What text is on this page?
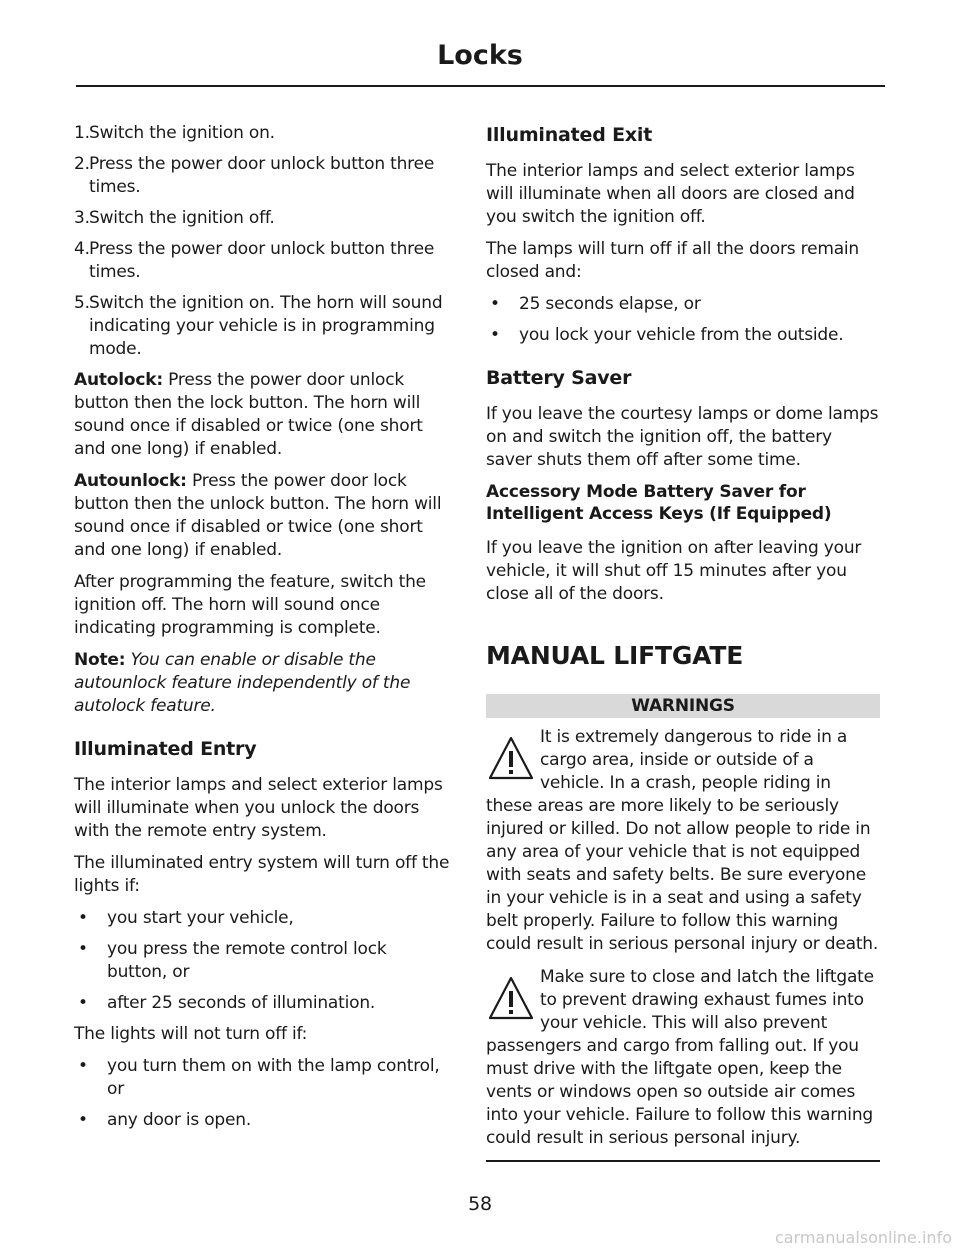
Locks
1. Switch the ignition on.
2. Press the power door unlock button three times.
3. Switch the ignition off.
4. Press the power door unlock button three times.
5. Switch the ignition on. The horn will sound indicating your vehicle is in programming mode.

Autolock: Press the power door unlock button then the lock button. The horn will sound once if disabled or twice (one short and one long) if enabled.

Autounlock: Press the power door lock button then the unlock button. The horn will sound once if disabled or twice (one short and one long) if enabled.

After programming the feature, switch the ignition off. The horn will sound once indicating programming is complete.

Note: You can enable or disable the autounlock feature independently of the autolock feature.

Illuminated Entry

The interior lamps and select exterior lamps will illuminate when you unlock the doors with the remote entry system.

The illuminated entry system will turn off the lights if:

•	you start your vehicle,
•	you press the remote control lock button, or
•	after 25 seconds of illumination.

The lights will not turn off if:

•	you turn them on with the lamp control, or
•	any door is open.
Illuminated Exit

The interior lamps and select exterior lamps will illuminate when all doors are closed and you switch the ignition off.

The lamps will turn off if all the doors remain closed and:

•	25 seconds elapse, or
•	you lock your vehicle from the outside.
Battery Saver

If you leave the courtesy lamps or dome lamps on and switch the ignition off, the battery saver shuts them off after some time.

Accessory Mode Battery Saver for Intelligent Access Keys (If Equipped)

If you leave the ignition on after leaving your vehicle, it will shut off 15 minutes after you close all of the doors.

MANUAL LIFTGATE
WARNINGS
It is extremely dangerous to ride in a cargo area, inside or outside of a vehicle. In a crash, people riding in these areas are more likely to be seriously injured or killed. Do not allow people to ride in any area of your vehicle that is not equipped with seats and safety belts. Be sure everyone in your vehicle is in a seat and using a safety belt properly. Failure to follow this warning could result in serious personal injury or death.
Make sure to close and latch the liftgate to prevent drawing exhaust fumes into your vehicle. This will also prevent passengers and cargo from falling out. If you must drive with the liftgate open, keep the vents or windows open so outside air comes into your vehicle. Failure to follow this warning could result in serious personal injury.
58
carmanualsonline.info
